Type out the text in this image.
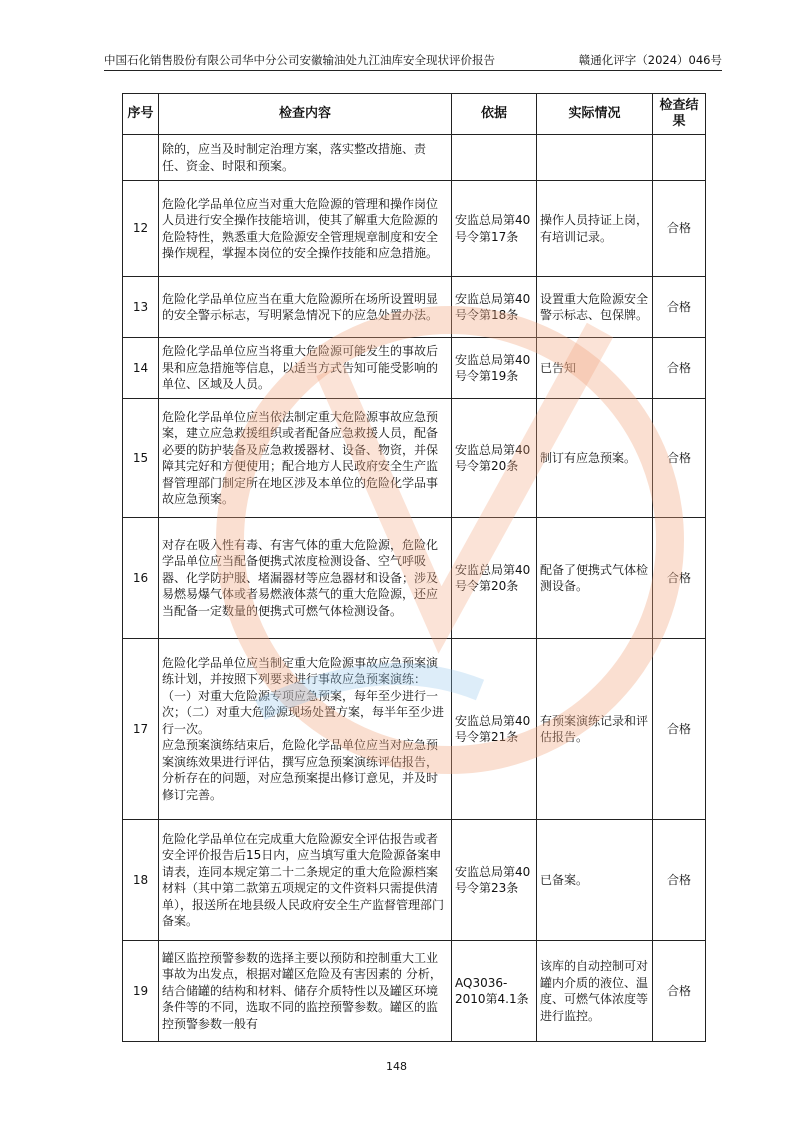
中国石化销售股份有限公司华中分公司安徽输油处九江油库安全现状评价报告	赣通化评字（2024）046号
序号	检查内容	依据	实际情况	检查结果
	除的，应当及时制定治理方案，落实整改措施、责任、资金、时限和预案。			
12	危险化学品单位应当对重大危险源的管理和操作岗位人员进行安全操作技能培训，使其了解重大危险源的危险特性，熟悉重大危险源安全管理规章制度和安全操作规程，掌握本岗位的安全操作技能和应急措施。	安监总局第40号令第17条	操作人员持证上岗，有培训记录。	合格
13	危险化学品单位应当在重大危险源所在场所设置明显的安全警示标志，写明紧急情况下的应急处置办法。	安监总局第40号令第18条	设置重大危险源安全警示标志、包保牌。	合格
14	危险化学品单位应当将重大危险源可能发生的事故后果和应急措施等信息，以适当方式告知可能受影响的单位、区域及人员。	安监总局第40号令第19条	已告知	合格
15	危险化学品单位应当依法制定重大危险源事故应急预案，建立应急救援组织或者配备应急救援人员，配备必要的防护装备及应急救援器材、设备、物资，并保障其完好和方便使用；配合地方人民政府安全生产监督管理部门制定所在地区涉及本单位的危险化学品事故应急预案。	安监总局第40号令第20条	制订有应急预案。	合格
16	对存在吸入性有毒、有害气体的重大危险源，危险化学品单位应当配备便携式浓度检测设备、空气呼吸器、化学防护服、堵漏器材等应急器材和设备；涉及易燃易爆气体或者易燃液体蒸气的重大危险源，还应当配备一定数量的便携式可燃气体检测设备。	安监总局第40号令第20条	配备了便携式气体检测设备。	合格
17	危险化学品单位应当制定重大危险源事故应急预案演练计划，并按照下列要求进行事故应急预案演练：（一）对重大危险源专项应急预案，每年至少进行一次；（二）对重大危险源现场处置方案，每半年至少进行一次。
应急预案演练结束后，危险化学品单位应当对应急预案演练效果进行评估，撰写应急预案演练评估报告，分析存在的问题，对应急预案提出修订意见，并及时修订完善。	安监总局第40号令第21条	有预案演练记录和评估报告。	合格
18	危险化学品单位在完成重大危险源安全评估报告或者安全评价报告后15日内，应当填写重大危险源备案申请表，连同本规定第二十二条规定的重大危险源档案材料（其中第二款第五项规定的文件资料只需提供清单），报送所在地县级人民政府安全生产监督管理部门备案。	安监总局第40号令第23条	已备案。	合格
19	罐区监控预警参数的选择主要以预防和控制重大工业事故为出发点，根据对罐区危险及有害因素的 分析，结合储罐的结构和材料、储存介质特性以及罐区环境条件等的不同，选取不同的监控预警参数。罐区的监控预警参数一般有	AQ3036-2010第4.1条	该库的自动控制可对罐内介质的液位、温度、可燃气体浓度等进行监控。	合格
148
